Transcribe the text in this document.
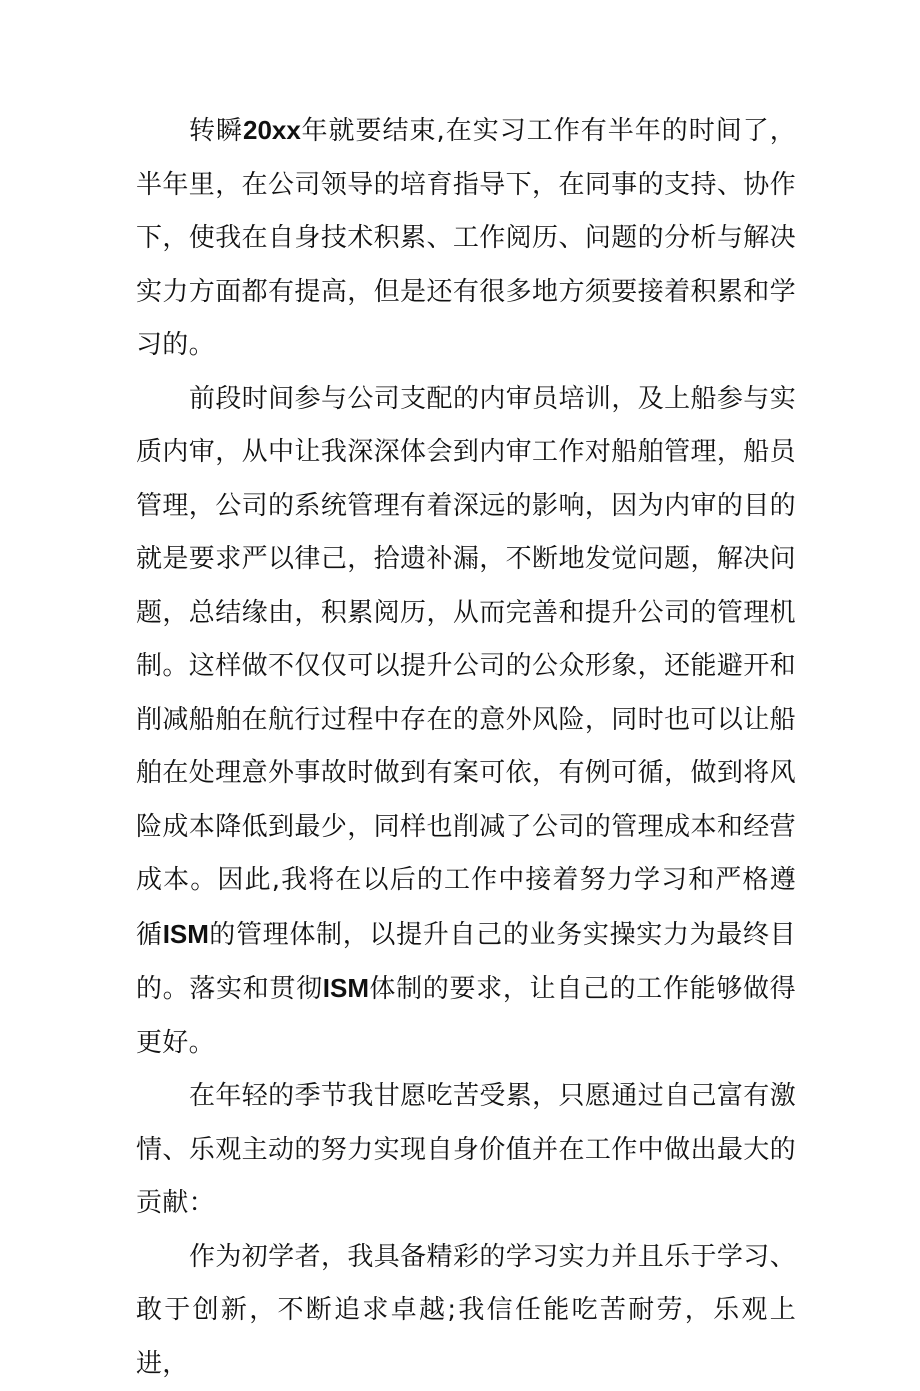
转瞬20xx年就要结束,在实习工作有半年的时间了，半年里，在公司领导的培育指导下，在同事的支持、协作下，使我在自身技术积累、工作阅历、问题的分析与解决实力方面都有提高，但是还有很多地方须要接着积累和学习的。

前段时间参与公司支配的内审员培训，及上船参与实质内审，从中让我深深体会到内审工作对船舶管理，船员管理，公司的系统管理有着深远的影响，因为内审的目的就是要求严以律己，拾遗补漏，不断地发觉问题，解决问题，总结缘由，积累阅历，从而完善和提升公司的管理机制。这样做不仅仅可以提升公司的公众形象，还能避开和削减船舶在航行过程中存在的意外风险，同时也可以让船舶在处理意外事故时做到有案可依，有例可循，做到将风险成本降低到最少，同样也削减了公司的管理成本和经营成本。因此,我将在以后的工作中接着努力学习和严格遵循ISM的管理体制，以提升自己的业务实操实力为最终目的。落实和贯彻ISM体制的要求，让自己的工作能够做得更好。

在年轻的季节我甘愿吃苦受累，只愿通过自己富有激情、乐观主动的努力实现自身价值并在工作中做出最大的贡献：

作为初学者，我具备精彩的学习实力并且乐于学习、敢于创新，不断追求卓越;我信任能吃苦耐劳，乐观上进，
